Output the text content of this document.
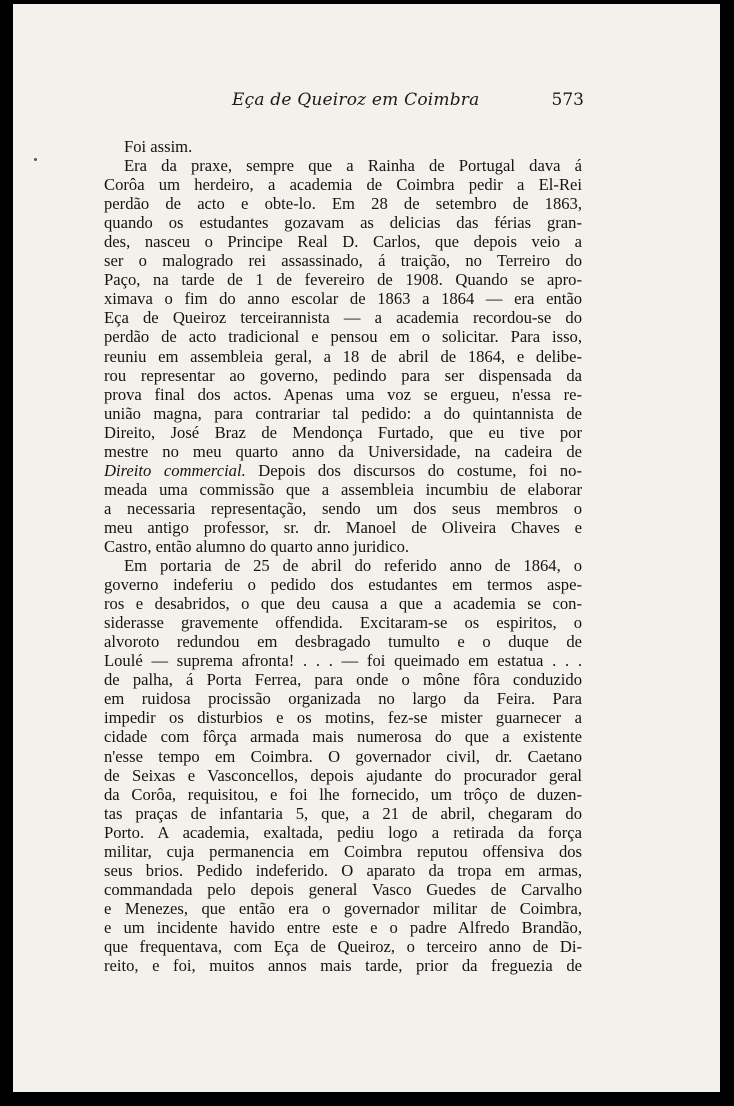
Eça de Queiroz em Coimbra	573

Foi assim.

Era da praxe, sempre que a Rainha de Portugal dava á
Corôa um herdeiro, a academia de Coimbra pedir a El-Rei
perdão de acto e obte-lo. Em 28 de setembro de 1863,
quando os estudantes gozavam as delicias das férias gran-
des, nasceu o Principe Real D. Carlos, que depois veio a
ser o malogrado rei assassinado, á traição, no Terreiro do
Paço, na tarde de 1 de fevereiro de 1908. Quando se apro-
ximava o fim do anno escolar de 1863 a 1864 — era então
Eça de Queiroz terceirannista — a academia recordou-se do
perdão de acto tradicional e pensou em o solicitar. Para isso,
reuniu em assembleia geral, a 18 de abril de 1864, e delibe-
rou representar ao governo, pedindo para ser dispensada da
prova final dos actos. Apenas uma voz se ergueu, n'essa re-
união magna, para contrariar tal pedido: a do quintannista de
Direito, José Braz de Mendonça Furtado, que eu tive por
mestre no meu quarto anno da Universidade, na cadeira de
Direito commercial. Depois dos discursos do costume, foi no-
meada uma commissão que a assembleia incumbiu de elaborar
a necessaria representação, sendo um dos seus membros o
meu antigo professor, sr. dr. Manoel de Oliveira Chaves e
Castro, então alumno do quarto anno juridico.

Em portaria de 25 de abril do referido anno de 1864, o
governo indeferiu o pedido dos estudantes em termos aspe-
ros e desabridos, o que deu causa a que a academia se con-
siderasse gravemente offendida. Excitaram-se os espiritos, o
alvoroto redundou em desbragado tumulto e o duque de
Loulé — suprema afronta! . . . — foi queimado em estatua . . .
de palha, á Porta Ferrea, para onde o mône fôra conduzido
em ruidosa procissão organizada no largo da Feira. Para
impedir os disturbios e os motins, fez-se mister guarnecer a
cidade com fôrça armada mais numerosa do que a existente
n'esse tempo em Coimbra. O governador civil, dr. Caetano
de Seixas e Vasconcellos, depois ajudante do procurador geral
da Corôa, requisitou, e foi lhe fornecido, um trôço de duzen-
tas praças de infantaria 5, que, a 21 de abril, chegaram do
Porto. A academia, exaltada, pediu logo a retirada da força
militar, cuja permanencia em Coimbra reputou offensiva dos
seus brios. Pedido indeferido. O aparato da tropa em armas,
commandada pelo depois general Vasco Guedes de Carvalho
e Menezes, que então era o governador militar de Coimbra,
e um incidente havido entre este e o padre Alfredo Brandão,
que frequentava, com Eça de Queiroz, o terceiro anno de Di-
reito, e foi, muitos annos mais tarde, prior da freguezia de
